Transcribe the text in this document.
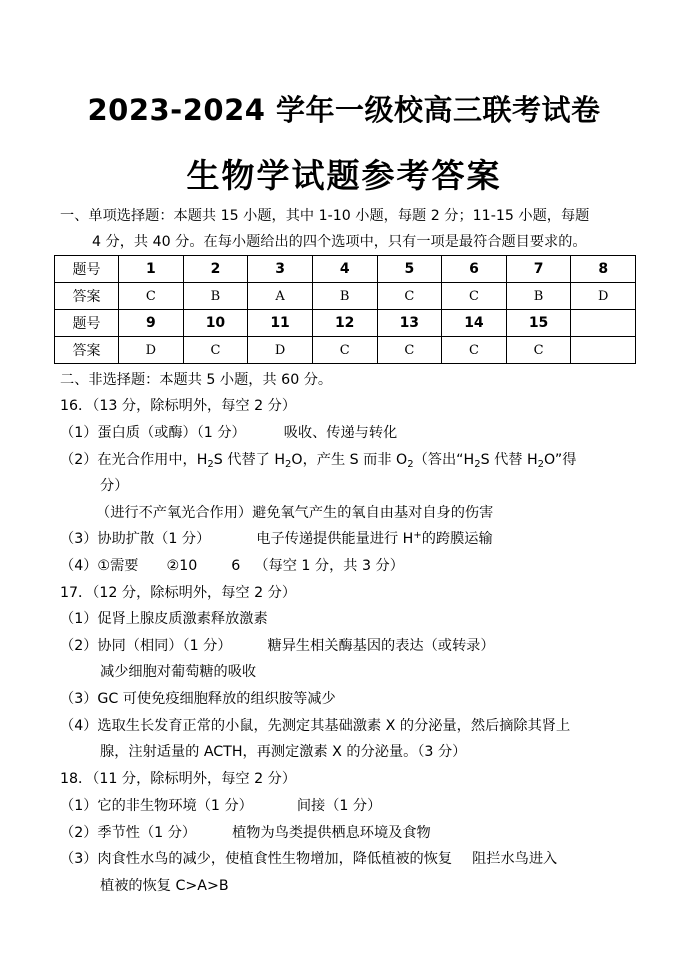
2023-2024 学年一级校高三联考试卷
生物学试题参考答案
一、单项选择题：本题共 15 小题，其中 1-10 小题，每题 2 分；11-15 小题，每题
4 分，共 40 分。在每小题给出的四个选项中，只有一项是最符合题目要求的。
题号	1	2	3	4	5	6	7	8
答案	C	B	A	B	C	C	B	D
题号	9	10	11	12	13	14	15	
答案	D	C	D	C	C	C	C	
二、非选择题：本题共 5 小题，共 60 分。
16．（13 分，除标明外，每空 2 分）
（1）蛋白质（或酶）（1 分）	吸收、传递与转化
（2）在光合作用中，$H_2S$ 代替了 $H_2O$，产生 S 而非 $O_2$（答出“$H_2S$ 代替 $H_2O$”得
分）
（进行不产氧光合作用）避免氧气产生的氧自由基对自身的伤害
（3）协助扩散（1 分）	电子传递提供能量进行 H+的跨膜运输
（4）①需要 ②10 6 （每空 1 分，共 3 分）
17．（12 分，除标明外，每空 2 分）
（1）促肾上腺皮质激素释放激素
（2）协同（相同）（1 分）	糖异生相关酶基因的表达（或转录）
减少细胞对葡萄糖的吸收
（3）GC 可使免疫细胞释放的组织胺等减少
（4）选取生长发育正常的小鼠，先测定其基础激素 X 的分泌量，然后摘除其肾上
腺，注射适量的 ACTH，再测定激素 X 的分泌量。（3 分）
18．（11 分，除标明外，每空 2 分）
（1）它的非生物环境（1 分）	间接（1 分）
（2）季节性（1 分）	植物为鸟类提供栖息环境及食物
（3）肉食性水鸟的减少，使植食性生物增加，降低植被的恢复 阻拦水鸟进入
植被的恢复 C>A>B
